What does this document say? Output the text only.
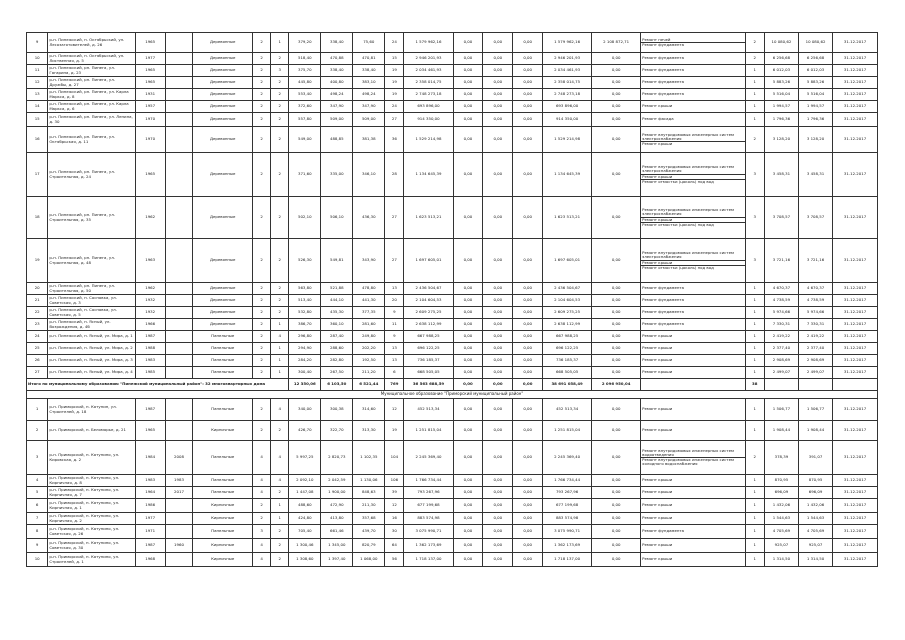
9	р-н. Пинежский, п. Октябрьский, ул. Лесозаготовителей, д. 26	1965		Деревянные	2	1	379,20	338,40	75,60	24	1 579 962,16	0,00	0,00	0,00	1 579 962,16	2 108 872,71	Ремонт печей
Ремонт фундамента	2	10 080,62	10 080,62	31.12.2017
10	р-н. Пинежский, п. Октябрьский, ул. Лиственная, д. 5	1977		Деревянные	2	2	518,40	470,88	470,81	15	2 946 201,93	0,00	0,00	0,00	2 946 201,93	0,00	Ремонт фундамента	2	6 256,68	6 256,68	31.12.2017
11	р-н. Пинежский, рп. Пинега, ул. Гагарина, д. 23	1965		Деревянные	2	3	375,70	338,40	338,40	19	2 034 461,93	0,00	0,00	0,00	2 034 461,93	0,00	Ремонт фундамента	1	6 012,03	6 012,03	31.12.2017
12	р-н. Пинежский, рп. Пинега, ул. Дружбы, д. 27	1965		Деревянные	2	2	445,80	400,80	383,10	19	2 358 014,75	0,00	0,00	0,00	2 358 014,75	0,00	Ремонт фундамента	1	5 883,26	5 883,26	31.12.2017
13	р-н. Пинежский, рп. Пинега, ул. Карла Маркса, д. 8	1931		Деревянные	2	2	553,40	498,24	498,24	19	2 748 273,18	0,00	0,00	0,00	2 748 273,18	0,00	Ремонт фундамента	1	5 516,04	5 516,04	31.12.2017
14	р-н. Пинежский, рп. Пинега, ул. Карла Маркса, д. 6	1957		Деревянные	2	2	372,60	347,90	347,90	24	693 896,00	0,00	0,00	0,00	693 896,00	0,00	Ремонт крыши	1	1 994,57	1 994,57	31.12.2017
15	р-н. Пинежский, рп. Пинега, ул. Ленина, д. 30	1970		Деревянные	2	2	557,80	509,00	509,00	27	914 350,00	0,00	0,00	0,00	914 350,00	0,00	Ремонт фасада	1	1 796,36	1 796,36	31.12.2017
16	р-н. Пинежский, рп. Пинега, ул. Октябрьская, д. 11	1970		Деревянные	2	2	549,00	488,85	381,38	36	1 529 214,98	0,00	0,00	0,00	1 529 214,98	0,00	Ремонт внутридомовых инженерных систем электроснабжения
Ремонт крыши	2	3 128,20	3 128,20	31.12.2017
17	р-н. Пинежский, рп. Пинега, ул. Строительная, д. 24	1965		Деревянные	2	2	371,60	335,00	346,10	28	1 134 645,39	0,00	0,00	0,00	1 134 645,39	0,00	Ремонт внутридомовых инженерных систем электроснабжения
Ремонт крыши
Ремонт отмостки (цоколь) под вод	3	3 458,31	3 458,31	31.12.2017
18	р-н. Пинежский, рп. Пинега, ул. Строительная, д. 35	1962		Деревянные	2	2	502,10	506,10	436,30	27	1 623 513,21	0,00	0,00	0,00	1 623 513,21	0,00	Ремонт внутридомовых инженерных систем электроснабжения
Ремонт крыши
Ремонт отмостки (цоколь) под вод	3	3 708,57	3 708,57	31.12.2017
19	р-н. Пинежский, рп. Пинега, ул. Строительная, д. 48	1963		Деревянные	2	2	526,30	549,81	343,90	27	1 697 605,01	0,00	0,00	0,00	1 697 605,01	0,00	Ремонт внутридомовых инженерных систем электроснабжения
Ремонт крыши
Ремонт отмостки (цоколь) под вод	3	3 721,16	3 721,16	31.12.2017
20	р-н. Пинежский, рп. Пинега, ул. Строительная, д. 50	1962		Деревянные	2	2	563,80	521,88	478,80	13	2 436 504,67	0,00	0,00	0,00	2 436 504,67	0,00	Ремонт фундамента	1	4 670,37	4 670,37	31.12.2017
21	р-н. Пинежский, п. Сосновка, ул. Советская, д. 3	1932		Деревянные	2	2	513,40	444,10	441,30	20	2 104 604,53	0,00	0,00	0,00	2 104 604,53	0,00	Ремонт фундамента	1	4 738,59	4 738,59	31.12.2017
22	р-н. Пинежский, п. Сосновка, ул. Советская, д. 5	1932		Деревянные	2	2	532,80	435,30	377,35	9	2 609 275,25	0,00	0,00	0,00	2 609 275,25	0,00	Ремонт фундамента	1	5 974,66	5 974,66	31.12.2017
23	р-н. Пинежский, п. Ясный, ул. Возрождения, д. 4б	1966		Деревянные	2	1	386,70	360,10	281,60	11	2 638 112,99	0,00	0,00	0,00	2 638 112,99	0,00	Ремонт фундамента	1	7 330,31	7 330,31	31.12.2017
24	р-н. Пинежский, п. Ясный, ул. Мира, д. 1	1987		Панельные	2	4	296,80	287,40	249,80	9	667 988,25	0,00	0,00	0,00	667 988,25	0,00	Ремонт крыши	1	2 419,22	2 419,22	31.12.2017
25	р-н. Пинежский, п. Ясный, ул. Мира, д. 2	1988		Панельные	2	1	294,90	288,60	202,20	13	696 122,25	0,00	0,00	0,00	696 122,25	0,00	Ремонт крыши	1	2 377,40	2 377,40	31.12.2017
26	р-н. Пинежский, п. Ясный, ул. Мира, д. 3	1983		Панельные	2	1	284,20	282,80	192,50	13	736 185,37	0,00	0,00	0,00	736 185,37	0,00	Ремонт крыши	1	2 908,69	2 908,69	31.12.2017
27	р-н. Пинежский, п. Ясный, ул. Мира, д. 4	1985		Панельные	2	1	300,40	267,50	211,20	6	668 505,05	0,00	0,00	0,00	668 505,05	0,00	Ремонт крыши	1	2 499,07	2 499,07	31.12.2017
Итого по муниципальному образованию "Пинежский муниципальный район": 32 многоквартирных дома							12 350,06	6 103,50	6 521,44	769	36 563 688,59	0,00	0,00	0,00	38 691 058,49	2 096 950,04		38			
Муниципальное образование "Приморский муниципальный район"																					
1	р-н. Приморский, п. Катунин, ул. Строителей, д. 18	1987		Панельные	2	4	340,00	300,38	314,60	12	452 513,34	0,00	0,00	0,00	452 513,34	0,00	Ремонт крыши	1	1 506,77	1 506,77	31.12.2017
2	р-н. Приморский, п. Беломорье, д. 21	1965		Кирпичные	2	2	426,70	322,70	313,30	19	1 251 815,04	0,00	0,00	0,00	1 251 815,04	0,00	Ремонт крыши	1	1 908,44	1 908,44	31.12.2017
3	р-н. Приморский, п. Катунино, ул. Кировская, д. 2	1984	2008	Панельные	4	4	5 997,25	2 820,73	1 102,35	104	2 245 369,40	0,00	0,00	0,00	2 245 369,40	0,00	Ремонт внутридомовых инженерных систем водоотведения
Ремонт внутридомовых инженерных систем холодного водоснабжения	2	378,39	391,07	31.12.2017
4	р-н. Приморский, п. Катунино, ул. Кирпичная, д. 8	1983	1983	Панельные	4	4	2 092,10	2 042,59	1 130,06	106	1 766 734,44	0,00	0,00	0,00	1 766 734,44	0,00	Ремонт крыши	1	870,95	870,95	31.12.2017
5	р-н. Приморский, п. Катунино, ул. Кирпичная, д. 7	1964	2017	Панельные	4	2	1 447,08	1 900,00	848,63	39	793 267,96	0,00	0,00	0,00	793 267,96	0,00	Ремонт крыши	1	696,09	696,09	31.12.2017
6	р-н. Приморский, п. Катунино, ул. Кирпичная, д. 1	1986		Кирпичные	2	1	488,60	472,90	211,30	12	677 199,68	0,00	0,00	0,00	677 199,68	0,00	Ремонт крыши	1	1 432,06	1 432,06	31.12.2017
7	р-н. Приморский, п. Катунино, ул. Кирпичная, д. 2	1977		Кирпичные	2	1	424,80	413,80	357,68	16	883 574,98	0,00	0,00	0,00	883 574,98	0,00	Ремонт крыши	1	1 544,63	1 544,63	31.12.2017
8	р-н. Приморский, п. Катунино, ул. Советская, д. 26	1971		Панельные	3	2	705,40	661,46	439,70	30	3 075 990,71	0,00	0,00	0,00	3 075 990,71	0,00	Ремонт фундамента	1	4 705,69	4 705,69	31.12.2017
9	р-н. Приморский, п. Катунино, ул. Советская, д. 30	1987	1960	Кирпичные	4	2	1 300,46	1 345,00	820,79	64	1 362 173,69	0,00	0,00	0,00	1 362 173,69	0,00	Ремонт крыши	1	925,07	925,07	31.12.2017
10	р-н. Приморский, п. Катунино, ул. Строителей, д. 1	1968		Кирпичные	4	2	1 308,60	1 397,40	1 068,00	56	1 718 137,00	0,00	0,00	0,00	1 718 137,00	0,00	Ремонт крыши	1	1 314,50	1 314,50	31.12.2017
